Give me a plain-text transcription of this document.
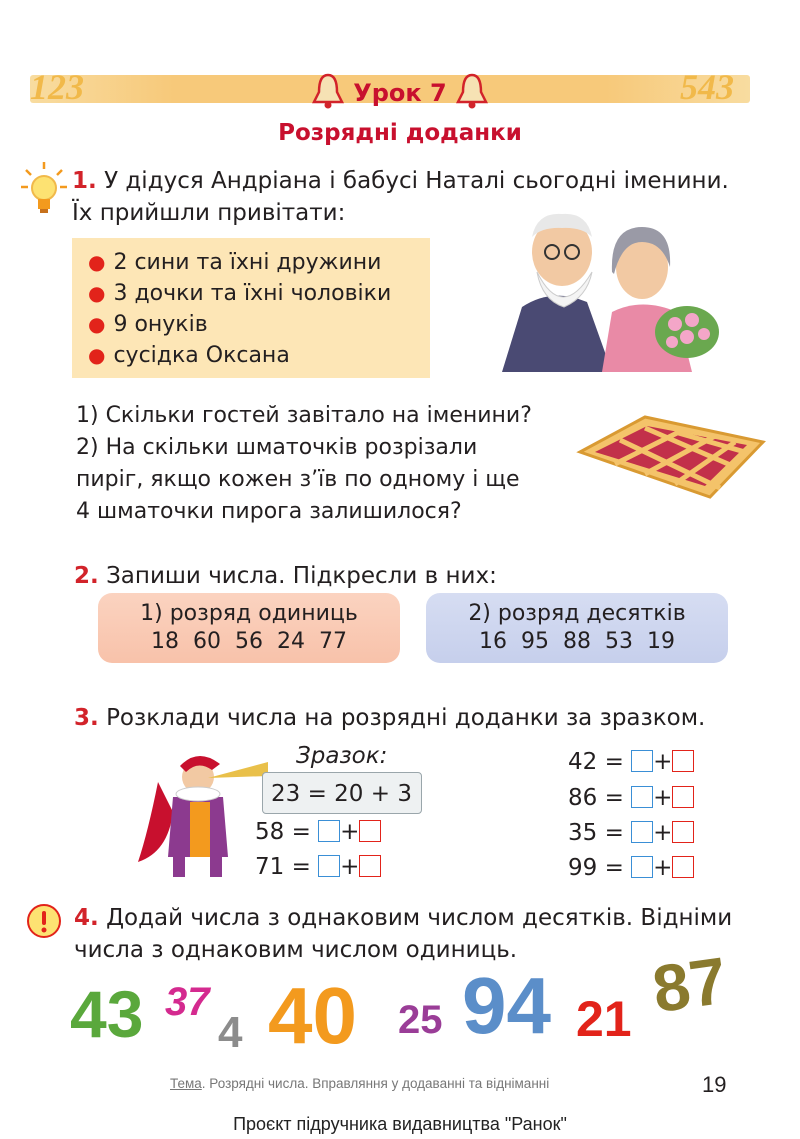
123	543
Урок 7
Розрядні доданки
1. У дідуся Андріана і бабусі Наталі сьогодні іменини.
Їх прийшли привітати:
● 2 сини та їхні дружини
● 3 дочки та їхні чоловіки
● 9 онуків
● сусідка Оксана
1) Скільки гостей завітало на іменини?
2) На скільки шматочків розрізали
пиріг, якщо кожен з’їв по одному і ще
4 шматочки пирога залишилося?
2. Запиши числа. Підкресли в них:
1) розряд одиниць
18  60  56  24  77
2) розряд десятків
16  95  88  53  19
3. Розклади числа на розрядні доданки за зразком.
Зразок:
23 = 20 + 3
58 = +
71 = +
42 = +
86 = +
35 = +
99 = +
4. Додай числа з однаковим числом десятків. Відніми
числа з однаковим числом одиниць.
43 37
4 40 25 94 21 87
Тема. Розрядні числа. Вправляння у додаванні та відніманні	19
Проєкт підручника видавництва "Ранок"
